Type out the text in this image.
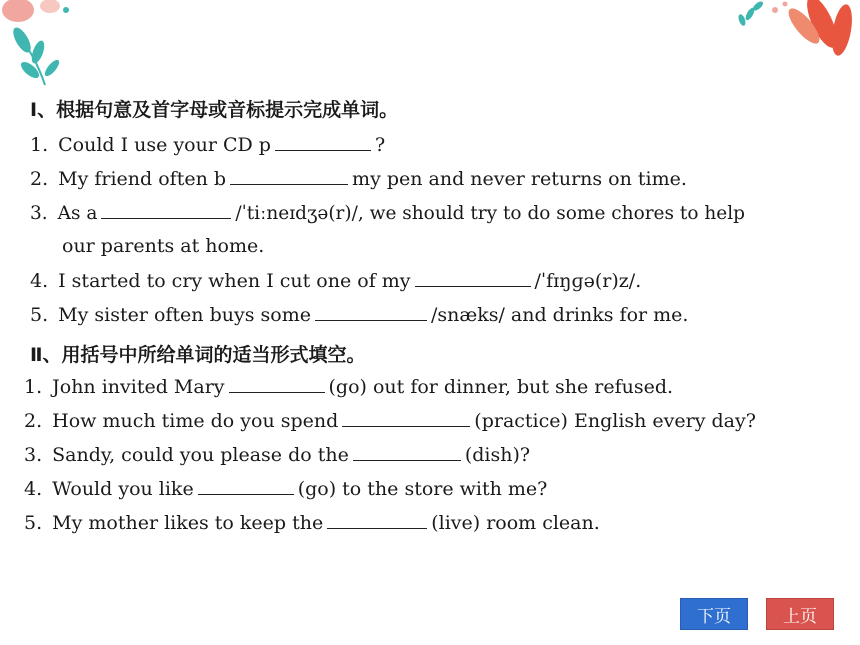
Ⅰ、根据句意及首字母或音标提示完成单词。
1. Could I use your CD p	?
2. My friend often b	my pen and never returns on time.
3. As a	/ˈtiːneɪdʒə(r)/, we should try to do some chores to help
our parents at home.
4. I started to cry when I cut one of my	/ˈfɪŋɡə(r)z/.
5. My sister often buys some	/snæks/ and drinks for me.
Ⅱ、用括号中所给单词的适当形式填空。
1. John invited Mary	(go) out for dinner, but she refused.
2. How much time do you spend	(practice) English every day?
3. Sandy, could you please do the	(dish)?
4. Would you like	(go) to the store with me?
5. My mother likes to keep the	(live) room clean.
下页	上页
